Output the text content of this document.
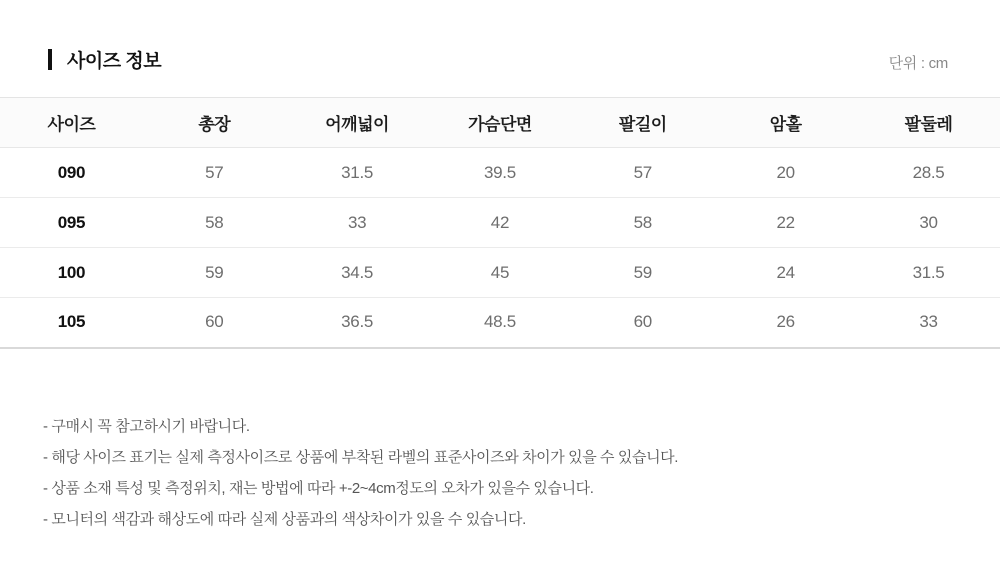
사이즈 정보	단위 : cm
사이즈	총장	어깨넓이	가슴단면	팔길이	암홀	팔둘레
090	57	31.5	39.5	57	20	28.5
095	58	33	42	58	22	30
100	59	34.5	45	59	24	31.5
105	60	36.5	48.5	60	26	33
- 구매시 꼭 참고하시기 바랍니다.
- 해당 사이즈 표기는 실제 측정사이즈로 상품에 부착된 라벨의 표준사이즈와 차이가 있을 수 있습니다.
- 상품 소재 특성 및 측정위치, 재는 방법에 따라 +-2~4cm정도의 오차가 있을수 있습니다.
- 모니터의 색감과 해상도에 따라 실제 상품과의 색상차이가 있을 수 있습니다.
